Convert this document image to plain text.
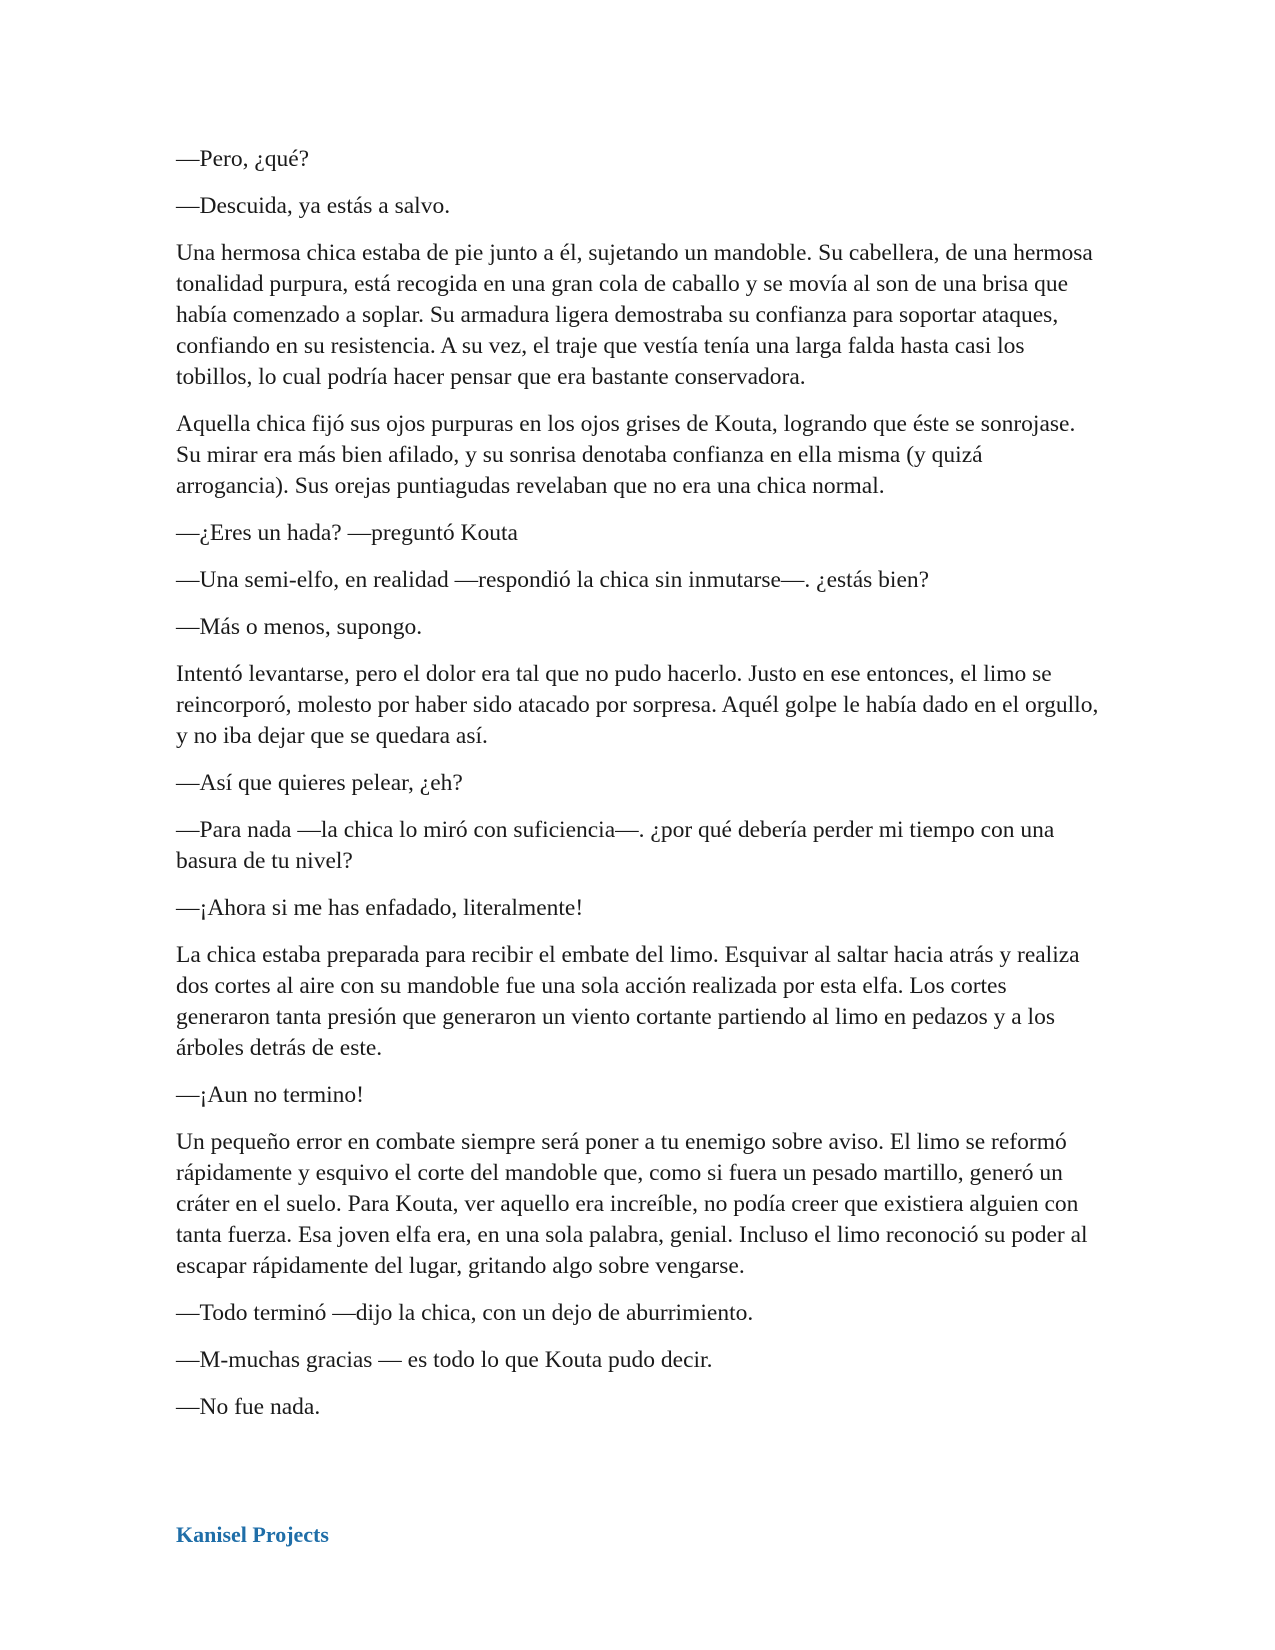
—Pero, ¿qué?

—Descuida, ya estás a salvo.

Una hermosa chica estaba de pie junto a él, sujetando un mandoble. Su cabellera, de una hermosa tonalidad purpura, está recogida en una gran cola de caballo y se movía al son de una brisa que había comenzado a soplar. Su armadura ligera demostraba su confianza para soportar ataques, confiando en su resistencia. A su vez, el traje que vestía tenía una larga falda hasta casi los tobillos, lo cual podría hacer pensar que era bastante conservadora.

Aquella chica fijó sus ojos purpuras en los ojos grises de Kouta, logrando que éste se sonrojase. Su mirar era más bien afilado, y su sonrisa denotaba confianza en ella misma (y quizá arrogancia). Sus orejas puntiagudas revelaban que no era una chica normal.

—¿Eres un hada? —preguntó Kouta

—Una semi-elfo, en realidad —respondió la chica sin inmutarse—. ¿estás bien?

—Más o menos, supongo.

Intentó levantarse, pero el dolor era tal que no pudo hacerlo. Justo en ese entonces, el limo se reincorporó, molesto por haber sido atacado por sorpresa. Aquél golpe le había dado en el orgullo, y no iba dejar que se quedara así.

—Así que quieres pelear, ¿eh?

—Para nada —la chica lo miró con suficiencia—. ¿por qué debería perder mi tiempo con una basura de tu nivel?

—¡Ahora si me has enfadado, literalmente!

La chica estaba preparada para recibir el embate del limo. Esquivar al saltar hacia atrás y realiza dos cortes al aire con su mandoble fue una sola acción realizada por esta elfa. Los cortes generaron tanta presión que generaron un viento cortante partiendo al limo en pedazos y a los árboles detrás de este.

—¡Aun no termino!

Un pequeño error en combate siempre será poner a tu enemigo sobre aviso. El limo se reformó rápidamente y esquivo el corte del mandoble que, como si fuera un pesado martillo, generó un cráter en el suelo. Para Kouta, ver aquello era increíble, no podía creer que existiera alguien con tanta fuerza. Esa joven elfa era, en una sola palabra, genial. Incluso el limo reconoció su poder al escapar rápidamente del lugar, gritando algo sobre vengarse.

—Todo terminó —dijo la chica, con un dejo de aburrimiento.

—M-muchas gracias — es todo lo que Kouta pudo decir.

—No fue nada.

Kanisel Projects
